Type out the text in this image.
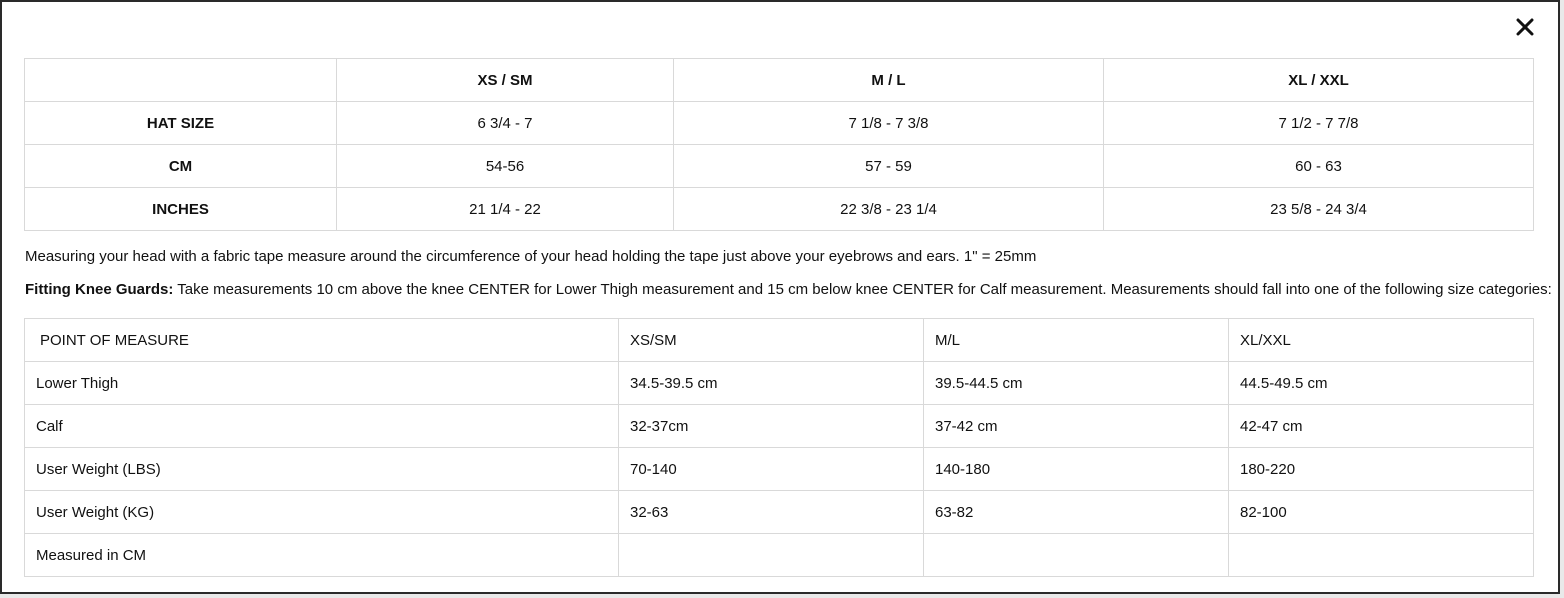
	XS / SM	M / L	XL / XXL
HAT SIZE	6 3/4 - 7	7 1/8 - 7 3/8	7 1/2 - 7 7/8
CM	54-56	57 - 59	60 - 63
INCHES	21 1/4 - 22	22 3/8 - 23 1/4	23 5/8 - 24 3/4
Measuring your head with a fabric tape measure around the circumference of your head holding the tape just above your eyebrows and ears. 1" = 25mm
Fitting Knee Guards: Take measurements 10 cm above the knee CENTER for Lower Thigh measurement and 15 cm below knee CENTER for Calf measurement. Measurements should fall into one of the following size categories:
POINT OF MEASURE	XS/SM	M/L	XL/XXL
Lower Thigh	34.5-39.5 cm	39.5-44.5 cm	44.5-49.5 cm
Calf	32-37cm	37-42 cm	42-47 cm
User Weight (LBS)	70-140	140-180	180-220
User Weight (KG)	32-63	63-82	82-100
Measured in CM			
